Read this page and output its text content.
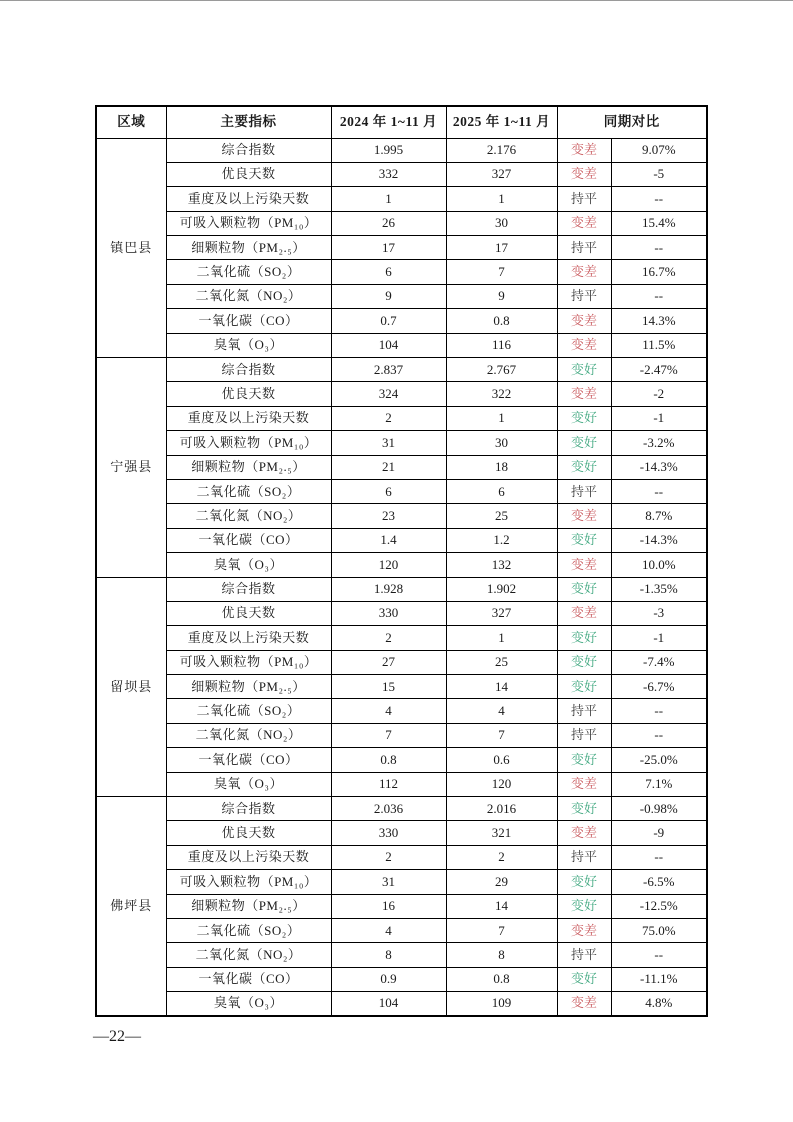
区域	主要指标	2024 年 1~11 月	2025 年 1~11 月	同期对比	
镇巴县	综合指数	1.995	2.176	变差	9.07%
	优良天数	332	327	变差	-5
	重度及以上污染天数	1	1	持平	--
	可吸入颗粒物（PM₁₀）	26	30	变差	15.4%
	细颗粒物（PM₂.₅）	17	17	持平	--
	二氧化硫（SO₂）	6	7	变差	16.7%
	二氧化氮（NO₂）	9	9	持平	--
	一氧化碳（CO）	0.7	0.8	变差	14.3%
	臭氧（O₃）	104	116	变差	11.5%
宁强县	综合指数	2.837	2.767	变好	-2.47%
	优良天数	324	322	变差	-2
	重度及以上污染天数	2	1	变好	-1
	可吸入颗粒物（PM₁₀）	31	30	变好	-3.2%
	细颗粒物（PM₂.₅）	21	18	变好	-14.3%
	二氧化硫（SO₂）	6	6	持平	--
	二氧化氮（NO₂）	23	25	变差	8.7%
	一氧化碳（CO）	1.4	1.2	变好	-14.3%
	臭氧（O₃）	120	132	变差	10.0%
留坝县	综合指数	1.928	1.902	变好	-1.35%
	优良天数	330	327	变差	-3
	重度及以上污染天数	2	1	变好	-1
	可吸入颗粒物（PM₁₀）	27	25	变好	-7.4%
	细颗粒物（PM₂.₅）	15	14	变好	-6.7%
	二氧化硫（SO₂）	4	4	持平	--
	二氧化氮（NO₂）	7	7	持平	--
	一氧化碳（CO）	0.8	0.6	变好	-25.0%
	臭氧（O₃）	112	120	变差	7.1%
佛坪县	综合指数	2.036	2.016	变好	-0.98%
	优良天数	330	321	变差	-9
	重度及以上污染天数	2	2	持平	--
	可吸入颗粒物（PM₁₀）	31	29	变好	-6.5%
	细颗粒物（PM₂.₅）	16	14	变好	-12.5%
	二氧化硫（SO₂）	4	7	变差	75.0%
	二氧化氮（NO₂）	8	8	持平	--
	一氧化碳（CO）	0.9	0.8	变好	-11.1%
	臭氧（O₃）	104	109	变差	4.8%
—22—
